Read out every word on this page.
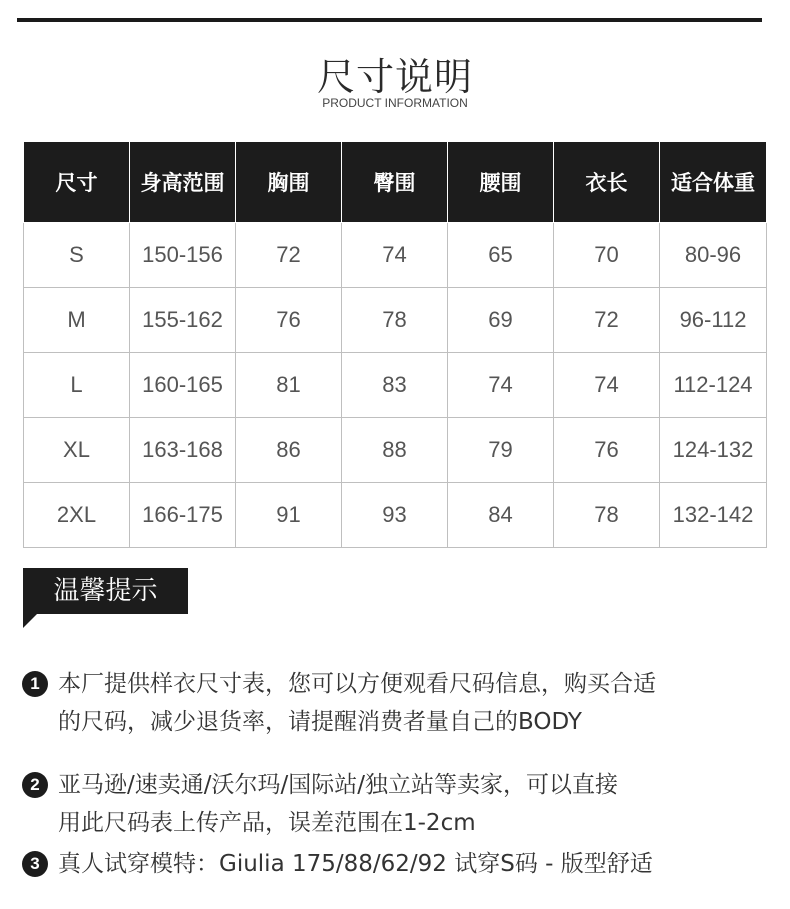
尺寸说明
PRODUCT INFORMATION
尺寸	身高范围	胸围	臀围	腰围	衣长	适合体重
S	150-156	72	74	65	70	80-96
M	155-162	76	78	69	72	96-112
L	160-165	81	83	74	74	112-124
XL	163-168	86	88	79	76	124-132
2XL	166-175	91	93	84	78	132-142
温馨提示
1 本厂提供样衣尺寸表，您可以方便观看尺码信息，购买合适
的尺码，减少退货率，请提醒消费者量自己的BODY
2 亚马逊/速卖通/沃尔玛/国际站/独立站等卖家，可以直接
用此尺码表上传产品，误差范围在1-2cm
3 真人试穿模特：Giulia 175/88/62/92 试穿S码 - 版型舒适
